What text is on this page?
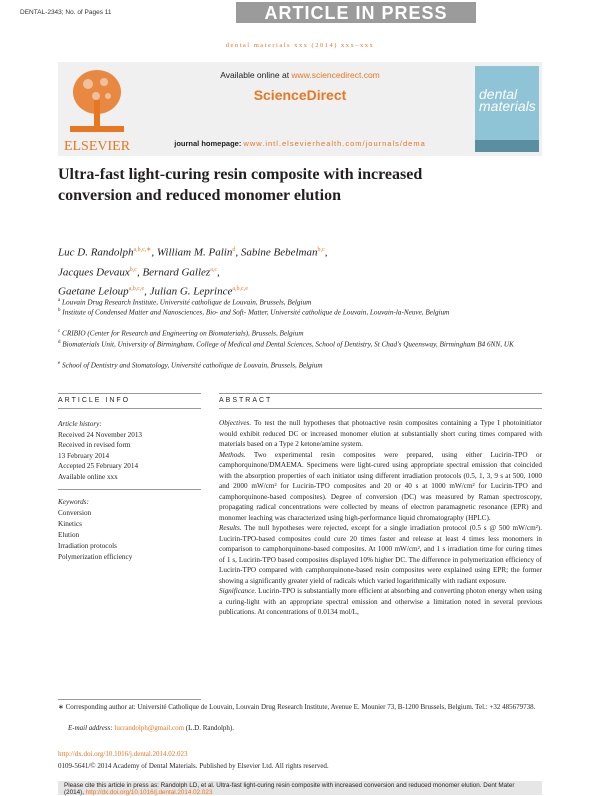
DENTAL-2343; No. of Pages 11	ARTICLE IN PRESS
dental materials xxx (2014) xxx–xxx
ELSEVIER
Available online at www.sciencedirect.com
ScienceDirect
journal homepage: www.intl.elsevierhealth.com/journals/dema
dental materials
Ultra-fast light-curing resin composite with increased conversion and reduced monomer elution
Luc D. Randolph$^{a,b,c,∗}$, William M. Palin$^d$, Sabine Bebelman$^{b,c}$,
Jacques Devaux$^{b,c}$, Bernard Gallez$^{a,c}$,
Gaetane Leloup$^{a,b,c,e}$, Julian G. Leprince$^{a,b,c,e}$
$^a$ Louvain Drug Research Institute, Université catholique de Louvain, Brussels, Belgium
$^b$ Institute of Condensed Matter and Nanosciences, Bio- and Soft- Matter, Université catholique de Louvain, Louvain-la-Neuve, Belgium
$^c$ CRIBIO (Center for Research and Engineering on Biomaterials), Brussels, Belgium
$^d$ Biomaterials Unit, University of Birmingham, College of Medical and Dental Sciences, School of Dentistry, St Chad's Queensway, Birmingham B4 6NN, UK
$^e$ School of Dentistry and Stomatology, Université catholique de Louvain, Brussels, Belgium
ARTICLE INFO	ABSTRACT
Article history:
Received 24 November 2013
Received in revised form
13 February 2014
Accepted 25 February 2014
Available online xxx
Keywords:
Conversion
Kinetics
Elution
Irradiation protocols
Polymerization efficiency

Objectives. To test the null hypotheses that photoactive resin composites containing a Type I photoinitiator would exhibit reduced DC or increased monomer elution at substantially short curing times compared with materials based on a Type 2 ketone/amine system.

Methods. Two experimental resin composites were prepared, using either Lucirin-TPO or camphorquinone/DMAEMA. Specimens were light-cured using appropriate spectral emission that coincided with the absorption properties of each initiator using different irradiation protocols (0.5, 1, 3, 9 s at 500, 1000 and 2000 mW/cm² for Lucirin-TPO composites and 20 or 40 s at 1000 mW/cm² for Lucirin-TPO and camphorquinone-based composites). Degree of conversion (DC) was measured by Raman spectroscopy, propagating radical concentrations were collected by means of electron paramagnetic resonance (EPR) and monomer leaching was characterized using high-performance liquid chromatography (HPLC).

Results. The null hypotheses were rejected, except for a single irradiation protocol (0.5 s @ 500 mW/cm²). Lucirin-TPO-based composites could cure 20 times faster and release at least 4 times less monomers in comparison to camphorquinone-based composites. At 1000 mW/cm², and 1 s irradiation time for curing times of 1 s, Lucirin-TPO based composites displayed 10% higher DC. The difference in polymerization efficiency of Lucirin-TPO compared with camphorquinone-based resin composites were explained using EPR; the former showing a significantly greater yield of radicals which varied logarithmically with radiant exposure.

Significance. Lucirin-TPO is substantially more efficient at absorbing and converting photon energy when using a curing-light with an appropriate spectral emission and otherwise a limitation noted in several previous publications. At concentrations of 0.0134 mol/L,

∗ Corresponding author at: Université Catholique de Louvain, Louvain Drug Research Institute, Avenue E. Mounier 73, B-1200 Brussels, Belgium. Tel.: +32 485679738.
E-mail address: lucrandolph@gmail.com (L.D. Randolph).
http://dx.doi.org/10.1016/j.dental.2014.02.023
0109-5641/© 2014 Academy of Dental Materials. Published by Elsevier Ltd. All rights reserved.
Please cite this article in press as: Randolph LD, et al. Ultra-fast light-curing resin composite with increased conversion and reduced monomer elution. Dent Mater (2014), http://dx.doi.org/10.1016/j.dental.2014.02.023
